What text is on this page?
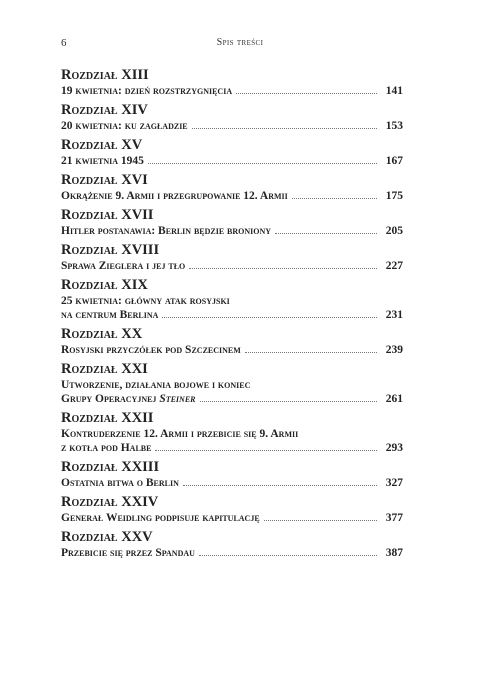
6	Spis treści
Rozdział XIII
19 kwietnia: dzień rozstrzygnięcia	141
Rozdział XIV
20 kwietnia: ku zagładzie	153
Rozdział XV
21 kwietnia 1945	167
Rozdział XVI
Okrążenie 9. Armii i przegrupowanie 12. Armii	175
Rozdział XVII
Hitler postanawia: Berlin będzie broniony	205
Rozdział XVIII
Sprawa Zieglera i jej tło	227
Rozdział XIX
25 kwietnia: główny atak rosyjski
na centrum Berlina	231
Rozdział XX
Rosyjski przyczółek pod Szczecinem	239
Rozdział XXI
Utworzenie, działania bojowe i koniec
Grupy Operacyjnej Steiner	261
Rozdział XXII
Kontruderzenie 12. Armii i przebicie się 9. Armii
z kotła pod Halbe	293
Rozdział XXIII
Ostatnia bitwa o Berlin	327
Rozdział XXIV
Generał Weidling podpisuje kapitulację	377
Rozdział XXV
Przebicie się przez Spandau	387
